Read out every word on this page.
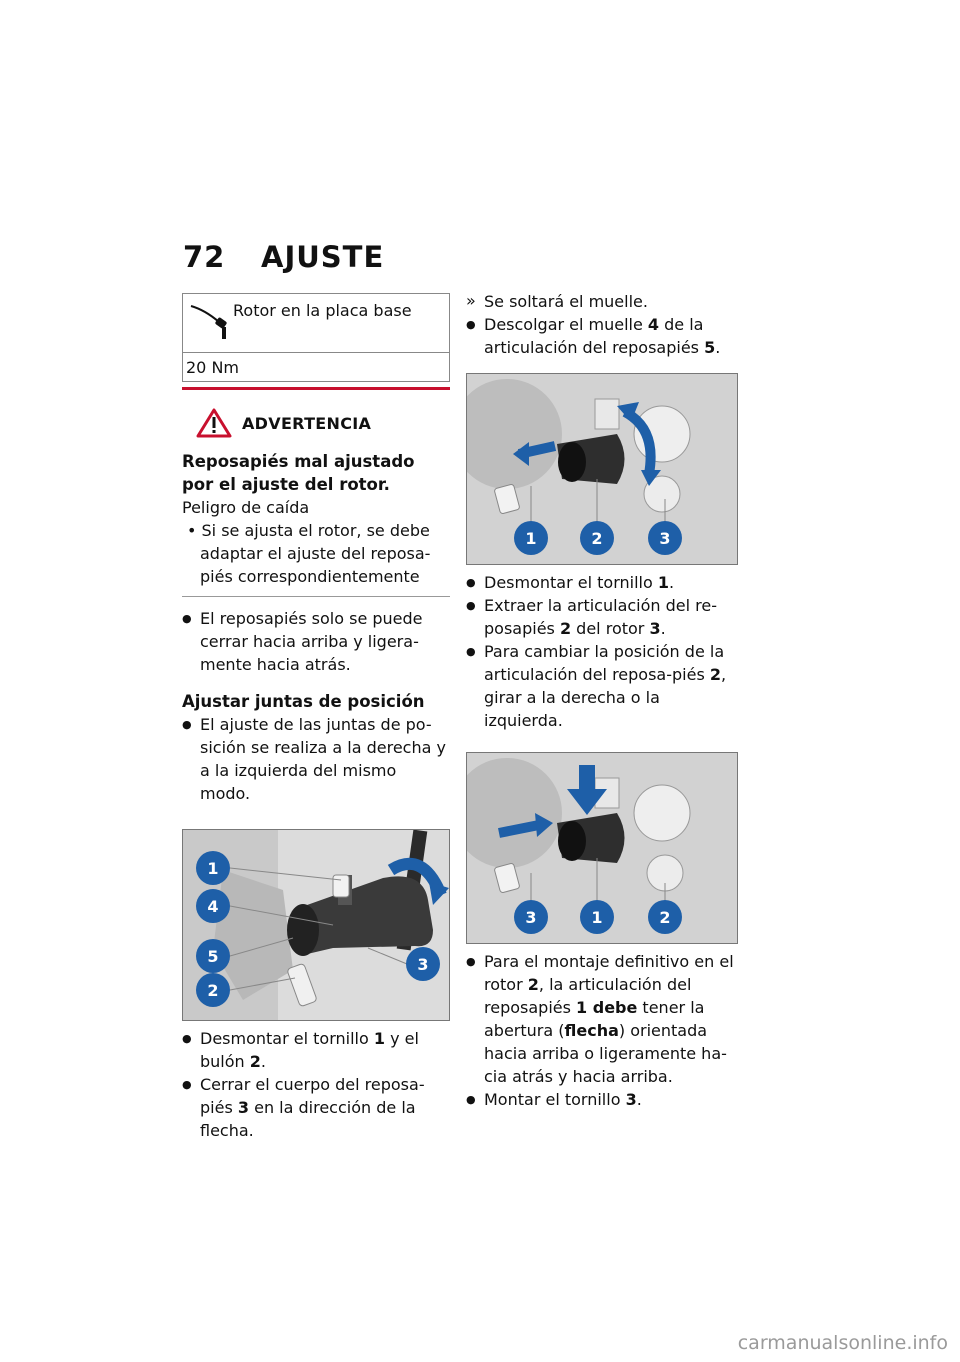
72 AJUSTE
Rotor en la placa base
20 Nm
ADVERTENCIA
Reposapiés mal ajustado por el ajuste del rotor.
Peligro de caída
• Si se ajusta el rotor, se debe adaptar el ajuste del reposa-piés correspondientemente
● El reposapiés solo se puede cerrar hacia arriba y ligera-mente hacia atrás.
Ajustar juntas de posición
● El ajuste de las juntas de po-sición se realiza a la derecha y a la izquierda del mismo modo.
1
4
5
2
3
● Desmontar el tornillo 1 y el bulón 2.
● Cerrar el cuerpo del reposa-piés 3 en la dirección de la flecha.
» Se soltará el muelle.
● Descolgar el muelle 4 de la articulación del reposapiés 5.
1	2	3
● Desmontar el tornillo 1.
● Extraer la articulación del re-posapiés 2 del rotor 3.
● Para cambiar la posición de la articulación del reposa-piés 2, girar a la derecha o la izquierda.
3	1	2
● Para el montaje definitivo en el rotor 2, la articulación del reposapiés 1 debe tener la abertura (flecha) orientada hacia arriba o ligeramente ha-cia atrás y hacia arriba.
● Montar el tornillo 3.
carmanualsonline.info
